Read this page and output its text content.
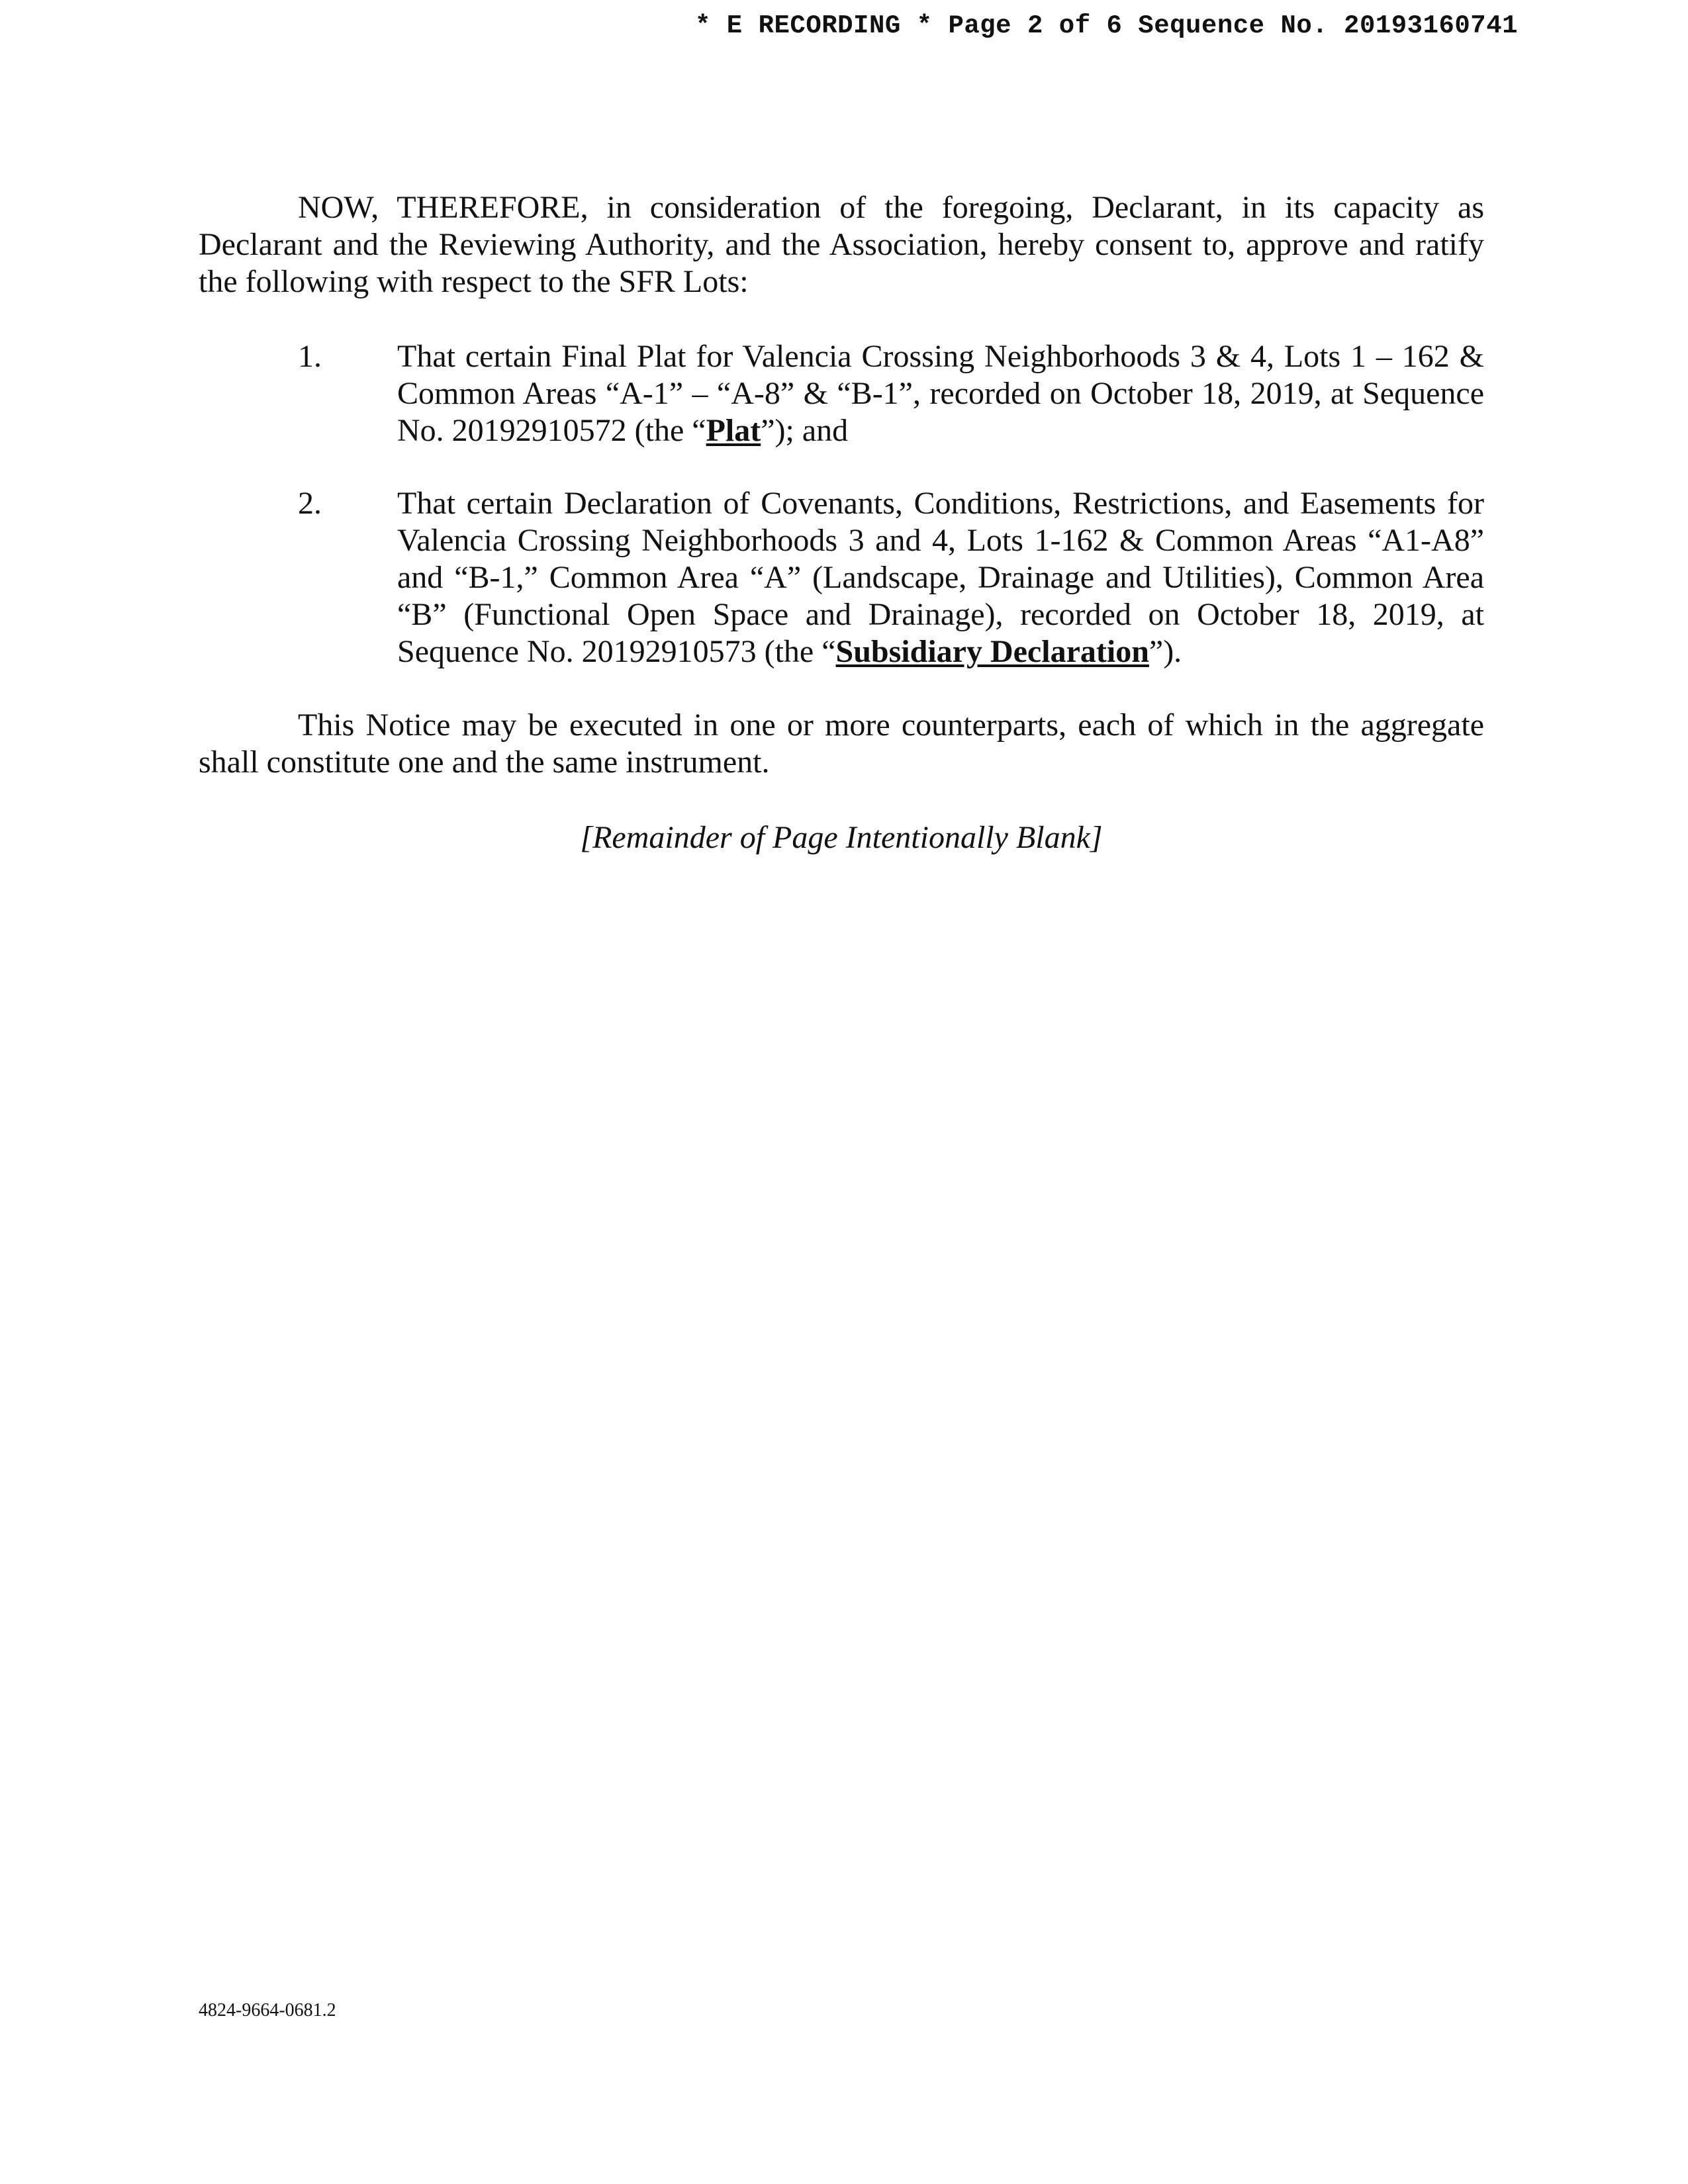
* E RECORDING * Page 2 of 6 Sequence No. 20193160741

NOW, THEREFORE, in consideration of the foregoing, Declarant, in its capacity as Declarant and the Reviewing Authority, and the Association, hereby consent to, approve and ratify the following with respect to the SFR Lots:

1. That certain Final Plat for Valencia Crossing Neighborhoods 3 & 4, Lots 1 – 162 & Common Areas “A-1” – “A-8” & “B-1”, recorded on October 18, 2019, at Sequence No. 20192910572 (the “Plat”); and
2. That certain Declaration of Covenants, Conditions, Restrictions, and Easements for Valencia Crossing Neighborhoods 3 and 4, Lots 1-162 & Common Areas “A1-A8” and “B-1,” Common Area “A” (Landscape, Drainage and Utilities), Common Area “B” (Functional Open Space and Drainage), recorded on October 18, 2019, at Sequence No. 20192910573 (the “Subsidiary Declaration”).

This Notice may be executed in one or more counterparts, each of which in the aggregate shall constitute one and the same instrument.

[Remainder of Page Intentionally Blank]
4824-9664-0681.2
